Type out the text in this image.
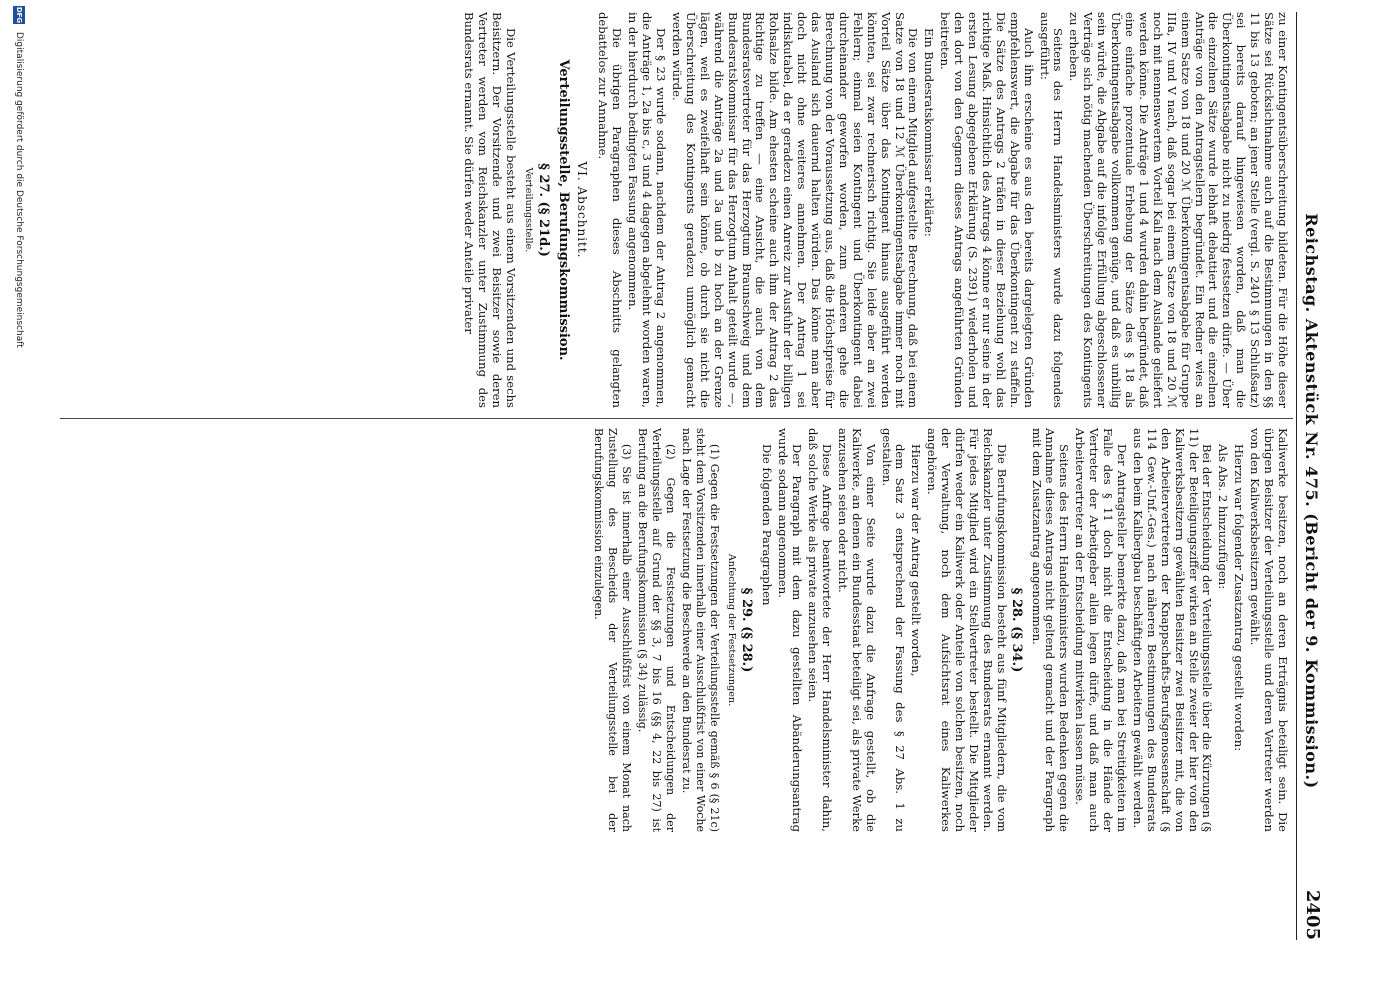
Reichstag. Aktenstück Nr. 475. (Bericht der 9. Kommission.)
2405

zu einer Kontingentsüberschreitung bildeten. Für die Höhe dieser Sätze sei Rücksichtnahme auch auf die Bestimmungen in den §§ 11 bis 13 geboten; an jener Stelle (vergl. S. 2401 § 13 Schlußsatz) sei bereits darauf hingewiesen worden, daß man die Überkontingentsabgabe nicht zu niedrig festsetzen dürfe. — Über die einzelnen Sätze wurde lebhaft debattiert und die einzelnen Anträge von den Antragstellern begründet. Ein Redner wies an einem Satze von 18 und 20 ℳ Überkontingentsabgabe für Gruppe IIIa, IV und V nach, daß sogar bei einem Satze von 18 und 20 ℳ noch mit nennenswertem Vorteil Kali nach dem Auslande geliefert werden könne. Die Anträge 1 und 4 wurden dahin begründet, daß eine einfache prozentuale Erhebung der Sätze des § 18 als Überkontingentsabgabe vollkommen genüge, und daß es unbillig sein würde, die Abgabe auf die infolge Erfüllung abgeschlossener Verträge sich nötig machenden Überschreitungen des Kontingents zu erheben.

Seitens des Herrn Handelsministers wurde dazu folgendes ausgeführt:

Auch ihm erscheine es aus den bereits dargelegten Gründen empfehlenswert, die Abgabe für das Überkontingent zu staffeln. Die Sätze des Antrags 2 träfen in dieser Beziehung wohl das richtige Maß. Hinsichtlich des Antrags 4 könne er nur seine in der ersten Lesung abgegebene Erklärung (S. 2391) wiederholen und den dort von den Gegnern dieses Antrags angeführten Gründen beitreten.

Ein Bundesratskommissar erklärte:

Die von einem Mitglied aufgestellte Berechnung, daß bei einem Satze von 18 und 12 ℳ Überkontingentsabgabe immer noch mit Vorteil Sätze über das Kontingent hinaus ausgeführt werden könnten, sei zwar rechnerisch richtig. Sie leide aber an zwei Fehlern; einmal seien Kontingent und Überkontingent dabei durcheinander geworfen worden, zum anderen gehe die Berechnung von der Voraussetzung aus, daß die Höchstpreise für das Ausland sich dauernd halten würden. Das könne man aber doch nicht ohne weiteres annehmen. Der Antrag 1 sei indiskutabel, da er geradezu einen Anreiz zur Ausfuhr der billigen Rohsalze bilde. Am ehesten scheine auch ihm der Antrag 2 das Richtige zu treffen — eine Ansicht, die auch von dem Bundesratsvertreter für das Herzogtum Braunschweig und dem Bundesratskommissar für das Herzogtum Anhalt geteilt wurde —, während die Anträge 2a und 3a und b zu hoch an der Grenze lägen, weil es zweifelhaft sein könne, ob durch sie nicht die Überschreitung des Kontingents geradezu unmöglich gemacht werden würde.

Der § 23 wurde sodann, nachdem der Antrag 2 angenommen, die Anträge 1, 2a bis c, 3 und 4 dagegen abgelehnt worden waren, in der hierdurch bedingten Fassung angenommen.

Die übrigen Paragraphen dieses Abschnitts gelangten debattelos zur Annahme.

VI. Abschnitt.
Verteilungsstelle, Berufungskommission.
§ 27. (§ 21d.)
Verteilungsstelle.

Die Verteilungsstelle besteht aus einem Vorsitzenden und sechs Beisitzern. Der Vorsitzende und zwei Beisitzer sowie deren Vertreter werden vom Reichskanzler unter Zustimmung des Bundesrats ernannt. Sie dürfen weder Anteile privater

Kaliwerke besitzen, noch an deren Erträgnis beteiligt sein. Die übrigen Beisitzer der Verteilungsstelle und deren Vertreter werden von den Kaliwerksbesitzern gewählt.

Hierzu war folgender Zusatzantrag gestellt worden:

Als Abs. 2 hinzuzufügen:

Bei der Entscheidung der Verteilungsstelle über die Kürzungen (§ 11) der Beteiligungsziffer wirken an Stelle zweier der hier von den Kaliwerksbesitzern gewählten Beisitzer zwei Beisitzer mit, die von den Arbeitervertretern der Knappschafts-Berufsgenossenschaft (§ 114 Gew.-Unf.-Ges.) nach näheren Bestimmungen des Bundesrats aus den beim Kalibergbau beschäftigten Arbeitern gewählt werden.

Der Antragsteller bemerkte dazu, daß man bei Streitigkeiten im Falle des § 11 doch nicht die Entscheidung in die Hände der Vertreter der Arbeitgeber allein legen dürfe, und daß man auch Arbeitervertreter an der Entscheidung mitwirken lassen müsse.

Seitens des Herrn Handelsministers wurden Bedenken gegen die Annahme dieses Antrags nicht geltend gemacht und der Paragraph mit dem Zusatzantrag angenommen.

§ 28. (§ 34.)

Die Berufungskommission besteht aus fünf Mitgliedern, die vom Reichskanzler unter Zustimmung des Bundesrats ernannt werden. Für jedes Mitglied wird ein Stellvertreter bestellt. Die Mitglieder dürfen weder ein Kaliwerk oder Anteile von solchen besitzen, noch der Verwaltung, noch dem Aufsichtsrat eines Kaliwerkes angehören.

Hierzu war der Antrag gestellt worden,

dem Satz 3 entsprechend der Fassung des § 27 Abs. 1 zu gestalten.

Von einer Seite wurde dazu die Anfrage gestellt, ob die Kaliwerke, an denen ein Bundesstaat beteiligt sei, als private Werke anzusehen seien oder nicht.

Diese Anfrage beantwortete der Herr Handelsminister dahin, daß solche Werke als private anzusehen seien.

Der Paragraph mit dem dazu gestellten Abänderungsantrag wurde sodann angenommen.

Die folgenden Paragraphen

§ 29. (§ 28.)
Anfechtung der Festsetzungen.

(1) Gegen die Festsetzungen der Verteilungsstelle gemäß § 6 (§ 21c) steht dem Vorsitzenden innerhalb einer Ausschlußfrist von einer Woche nach Lage der Festsetzung die Beschwerde an den Bundesrat zu.

(2) Gegen die Festsetzungen und Entscheidungen der Verteilungsstelle auf Grund der §§ 3, 7 bis 16 (§§ 4, 22 bis 27) ist Berufung an die Berufungskommission (§ 34) zulässig.

(3) Sie ist innerhalb einer Ausschlußfrist von einem Monat nach Zustellung des Bescheids der Verteilungsstelle bei der Berufungskommission einzulegen.

DFG
Digitalisierung gefördert durch die Deutsche Forschungsgemeinschaft
